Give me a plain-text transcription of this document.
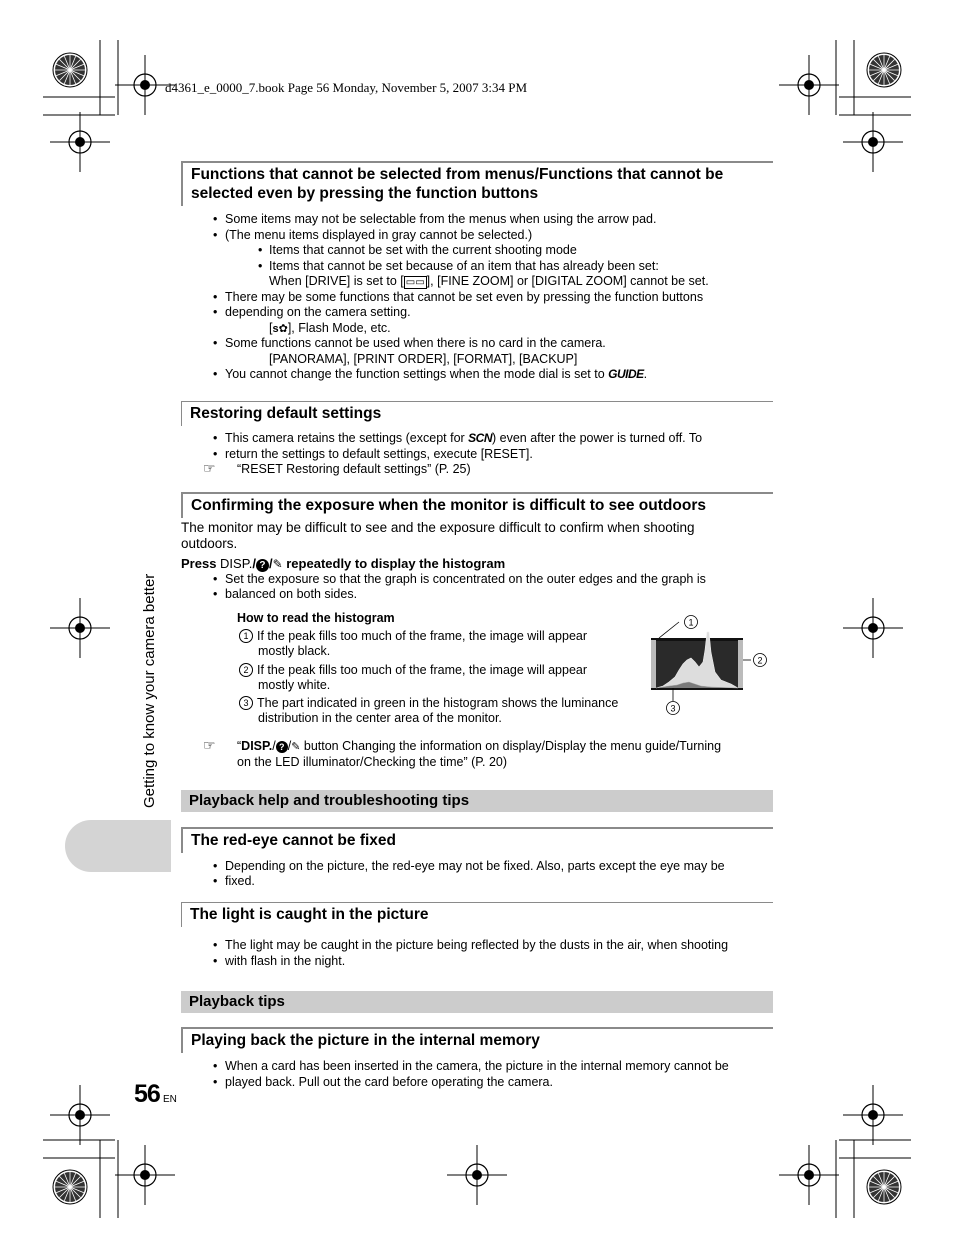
d4361_e_0000_7.book Page 56 Monday, November 5, 2007 3:34 PM
Getting to know your camera better
56 EN
Functions that cannot be selected from menus/Functions that cannot be
selected even by pressing the function buttons
• Some items may not be selectable from the menus when using the arrow pad.
• (The menu items displayed in gray cannot be selected.)
• Items that cannot be set with the current shooting mode
• Items that cannot be set because of an item that has already been set:
When [DRIVE] is set to [ ▭▭ ], [FINE ZOOM] or [DIGITAL ZOOM] cannot be set.
• There may be some functions that cannot be set even by pressing the function buttons
• depending on the camera setting.
[s✿], Flash Mode, etc.
• Some functions cannot be used when there is no card in the camera.
[PANORAMA], [PRINT ORDER], [FORMAT], [BACKUP]
• You cannot change the function settings when the mode dial is set to GUIDE.
Restoring default settings
• This camera retains the settings (except for SCN) even after the power is turned off. To
• return the settings to default settings, execute [RESET].
☞ “RESET Restoring default settings” (P. 25)
Confirming the exposure when the monitor is difficult to see outdoors
The monitor may be difficult to see and the exposure difficult to confirm when shooting
outdoors.
Press DISP./ ? /✎ repeatedly to display the histogram
• Set the exposure so that the graph is concentrated on the outer edges and the graph is
• balanced on both sides.
How to read the histogram
1 If the peak fills too much of the frame, the image will appear
mostly black.
2 If the peak fills too much of the frame, the image will appear
mostly white.
3 The part indicated in green in the histogram shows the luminance
distribution in the center area of the monitor.
1
2
3
☞ “DISP./ ? /✎ button Changing the information on display/Display the menu guide/Turning
on the LED illuminator/Checking the time” (P. 20)
Playback help and troubleshooting tips
The red-eye cannot be fixed
• Depending on the picture, the red-eye may not be fixed. Also, parts except the eye may be
• fixed.
The light is caught in the picture
• The light may be caught in the picture being reflected by the dusts in the air, when shooting
• with flash in the night.
Playback tips
Playing back the picture in the internal memory
• When a card has been inserted in the camera, the picture in the internal memory cannot be
• played back. Pull out the card before operating the camera.
